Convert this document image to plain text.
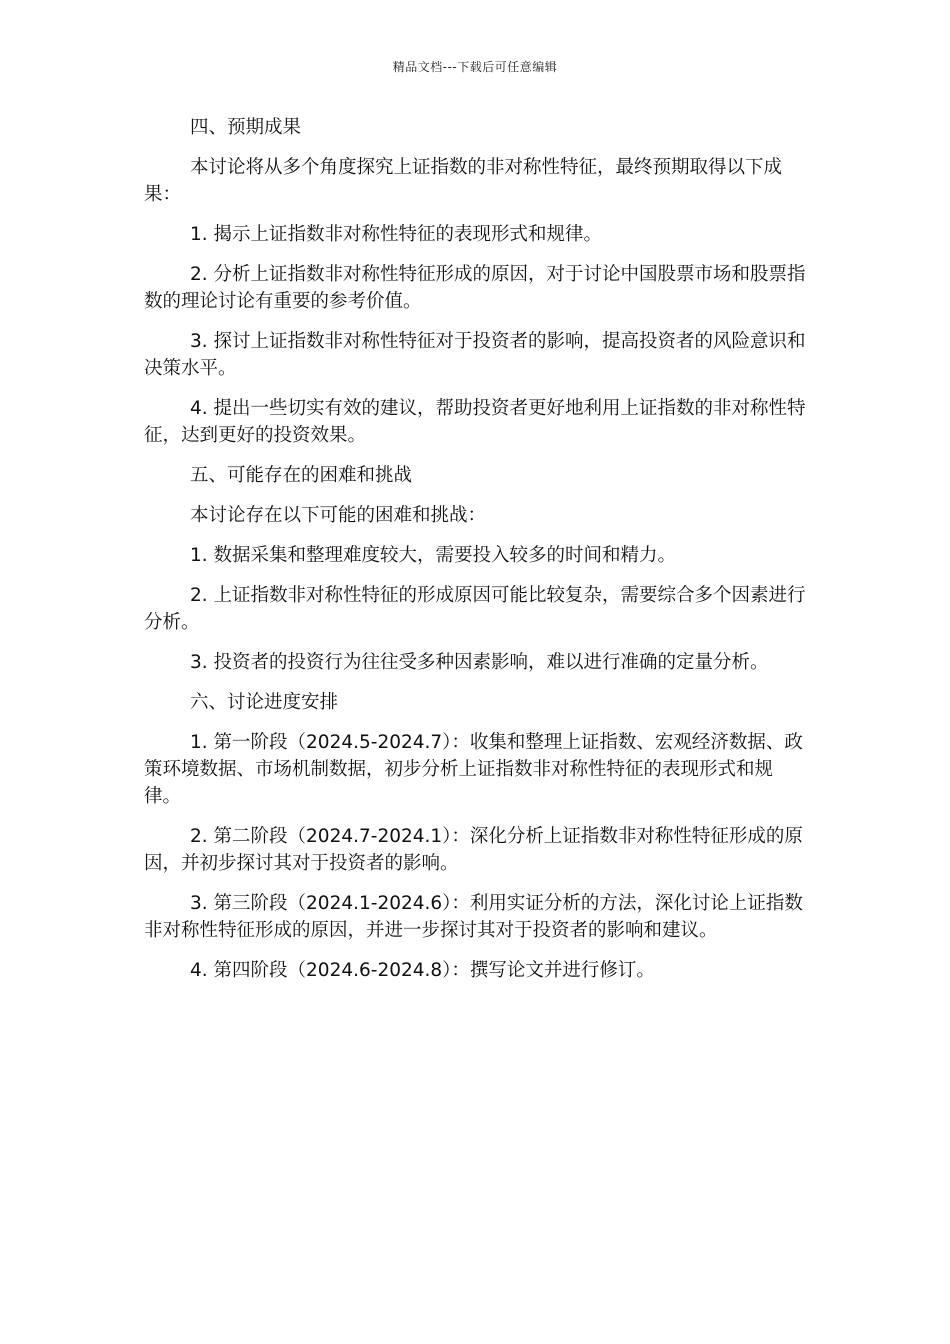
精品文档---下载后可任意编辑

四、预期成果

本讨论将从多个角度探究上证指数的非对称性特征，最终预期取得以下成果：

1. 揭示上证指数非对称性特征的表现形式和规律。

2. 分析上证指数非对称性特征形成的原因，对于讨论中国股票市场和股票指数的理论讨论有重要的参考价值。

3. 探讨上证指数非对称性特征对于投资者的影响，提高投资者的风险意识和决策水平。

4. 提出一些切实有效的建议，帮助投资者更好地利用上证指数的非对称性特征，达到更好的投资效果。

五、可能存在的困难和挑战

本讨论存在以下可能的困难和挑战：

1. 数据采集和整理难度较大，需要投入较多的时间和精力。

2. 上证指数非对称性特征的形成原因可能比较复杂，需要综合多个因素进行分析。

3. 投资者的投资行为往往受多种因素影响，难以进行准确的定量分析。

六、讨论进度安排

1. 第一阶段（2024.5-2024.7）：收集和整理上证指数、宏观经济数据、政策环境数据、市场机制数据，初步分析上证指数非对称性特征的表现形式和规律。

2. 第二阶段（2024.7-2024.1）：深化分析上证指数非对称性特征形成的原因，并初步探讨其对于投资者的影响。

3. 第三阶段（2024.1-2024.6）：利用实证分析的方法，深化讨论上证指数非对称性特征形成的原因，并进一步探讨其对于投资者的影响和建议。

4. 第四阶段（2024.6-2024.8）：撰写论文并进行修订。
